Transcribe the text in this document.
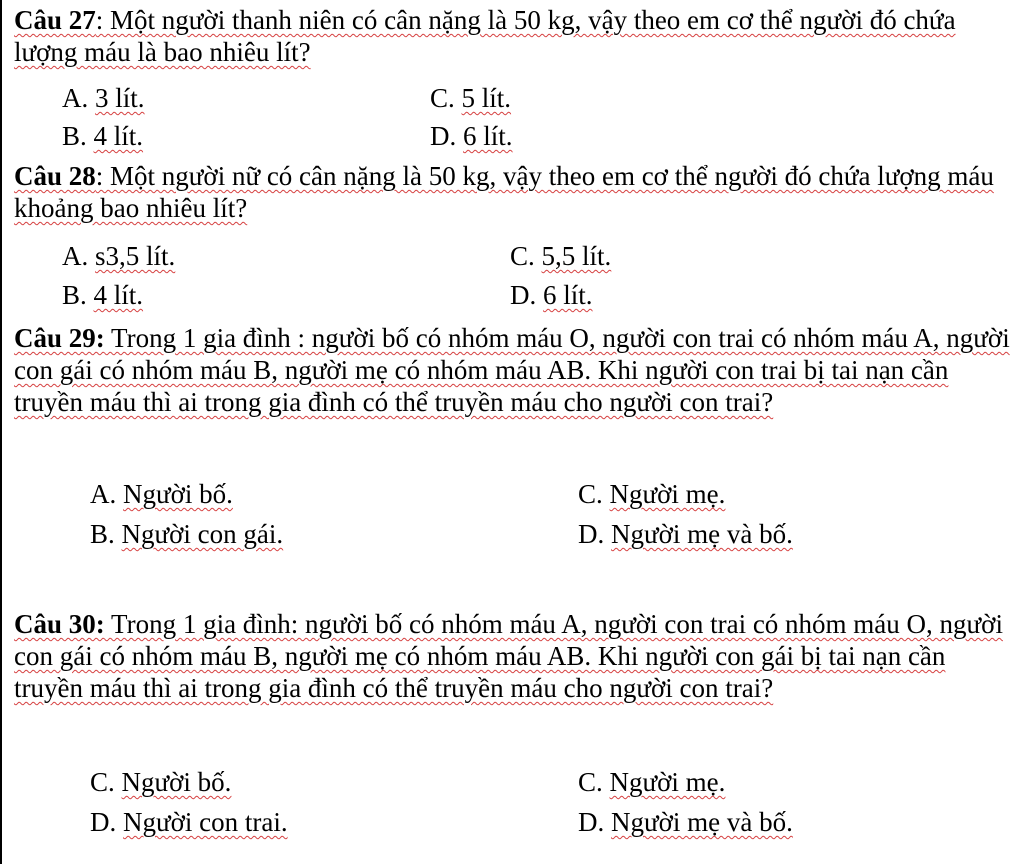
Câu 27: Một người thanh niên có cân nặng là 50 kg, vậy theo em cơ thể người đó chứa lượng máu là bao nhiêu lít?

A. 3 lít.	C. 5 lít.
B. 4 lít.	D. 6 lít.

Câu 28: Một người nữ có cân nặng là 50 kg, vậy theo em cơ thể người đó chứa lượng máu khoảng bao nhiêu lít?

A. s3,5 lít.	C. 5,5 lít.
B. 4 lít.	D. 6 lít.

Câu 29: Trong 1 gia đình : người bố có nhóm máu O, người con trai có nhóm máu A, người con gái có nhóm máu B, người mẹ có nhóm máu AB. Khi người con trai bị tai nạn cần truyền máu thì ai trong gia đình có thể truyền máu cho người con trai?

A. Người bố.	C. Người mẹ.
B. Người con gái.	D. Người mẹ và bố.

Câu 30: Trong 1 gia đình: người bố có nhóm máu A, người con trai có nhóm máu O, người con gái có nhóm máu B, người mẹ có nhóm máu AB. Khi người con gái bị tai nạn cần truyền máu thì ai trong gia đình có thể truyền máu cho người con trai?

C. Người bố.	C. Người mẹ.
D. Người con trai.	D. Người mẹ và bố.
